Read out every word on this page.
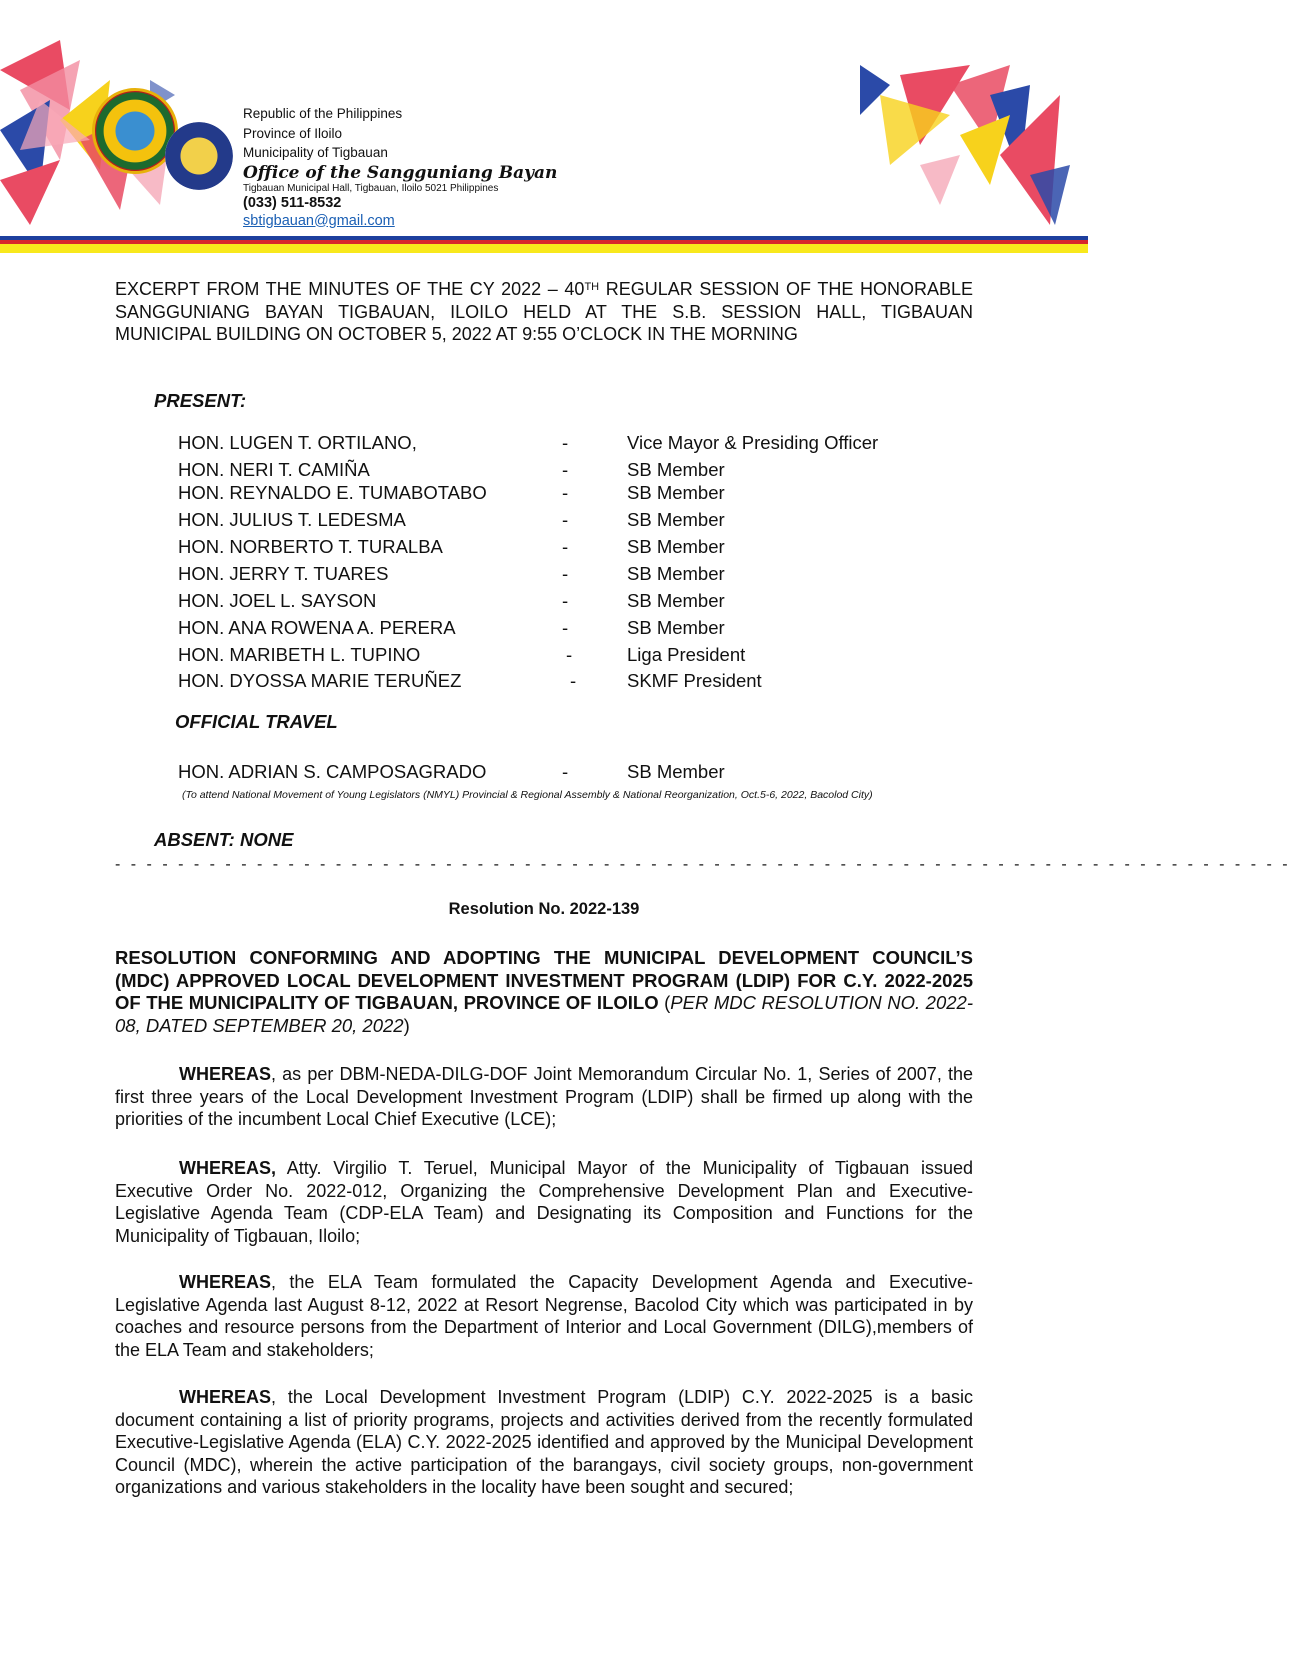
Republic of the Philippines
Province of Iloilo
Municipality of Tigbauan
Office of the Sangguniang Bayan
Tigbauan Municipal Hall, Tigbauan, Iloilo 5021 Philippines
(033) 511-8532
sbtigbauan@gmail.com
EXCERPT FROM THE MINUTES OF THE CY 2022 – 40TH REGULAR SESSION OF THE HONORABLE SANGGUNIANG BAYAN TIGBAUAN, ILOILO HELD AT THE S.B. SESSION HALL, TIGBAUAN MUNICIPAL BUILDING ON OCTOBER 5, 2022 AT 9:55 O’CLOCK IN THE MORNING
PRESENT:
HON. LUGEN T. ORTILANO,	-	Vice Mayor & Presiding Officer
HON. NERI T. CAMIÑA	-	SB Member
HON. REYNALDO E. TUMABOTABO	-	SB Member
HON. JULIUS T. LEDESMA	-	SB Member
HON. NORBERTO T. TURALBA	-	SB Member
HON. JERRY T. TUARES	-	SB Member
HON. JOEL L. SAYSON	-	SB Member
HON. ANA ROWENA A. PERERA	-	SB Member
HON. MARIBETH L. TUPINO	-	Liga President
HON. DYOSSA MARIE TERUÑEZ	-	SKMF President
OFFICIAL TRAVEL
HON. ADRIAN S. CAMPOSAGRADO	-	SB Member
(To attend National Movement of Young Legislators (NMYL) Provincial & Regional Assembly & National Reorganization, Oct.5-6, 2022, Bacolod City)
ABSENT: NONE
- - - - - - - - - - - - - - - - - - - - - - - - - - - - - - - - - - - - - - - - - - - - - - - - - - - - - - - - - - - - - - - - - - - - - - - - - - -
Resolution No. 2022-139
RESOLUTION CONFORMING AND ADOPTING THE MUNICIPAL DEVELOPMENT COUNCIL’S (MDC) APPROVED LOCAL DEVELOPMENT INVESTMENT PROGRAM (LDIP) FOR C.Y. 2022-2025 OF THE MUNICIPALITY OF TIGBAUAN, PROVINCE OF ILOILO (PER MDC RESOLUTION NO. 2022-08, DATED SEPTEMBER 20, 2022)
WHEREAS, as per DBM-NEDA-DILG-DOF Joint Memorandum Circular No. 1, Series of 2007, the first three years of the Local Development Investment Program (LDIP) shall be firmed up along with the priorities of the incumbent Local Chief Executive (LCE);
WHEREAS, Atty. Virgilio T. Teruel, Municipal Mayor of the Municipality of Tigbauan issued Executive Order No. 2022-012, Organizing the Comprehensive Development Plan and Executive-Legislative Agenda Team (CDP-ELA Team) and Designating its Composition and Functions for the Municipality of Tigbauan, Iloilo;
WHEREAS, the ELA Team formulated the Capacity Development Agenda and Executive-Legislative Agenda last August 8-12, 2022 at Resort Negrense, Bacolod City which was participated in by coaches and resource persons from the Department of Interior and Local Government (DILG),members of the ELA Team and stakeholders;
WHEREAS, the Local Development Investment Program (LDIP) C.Y. 2022-2025 is a basic document containing a list of priority programs, projects and activities derived from the recently formulated Executive-Legislative Agenda (ELA) C.Y. 2022-2025 identified and approved by the Municipal Development Council (MDC), wherein the active participation of the barangays, civil society groups, non-government organizations and various stakeholders in the locality have been sought and secured;
